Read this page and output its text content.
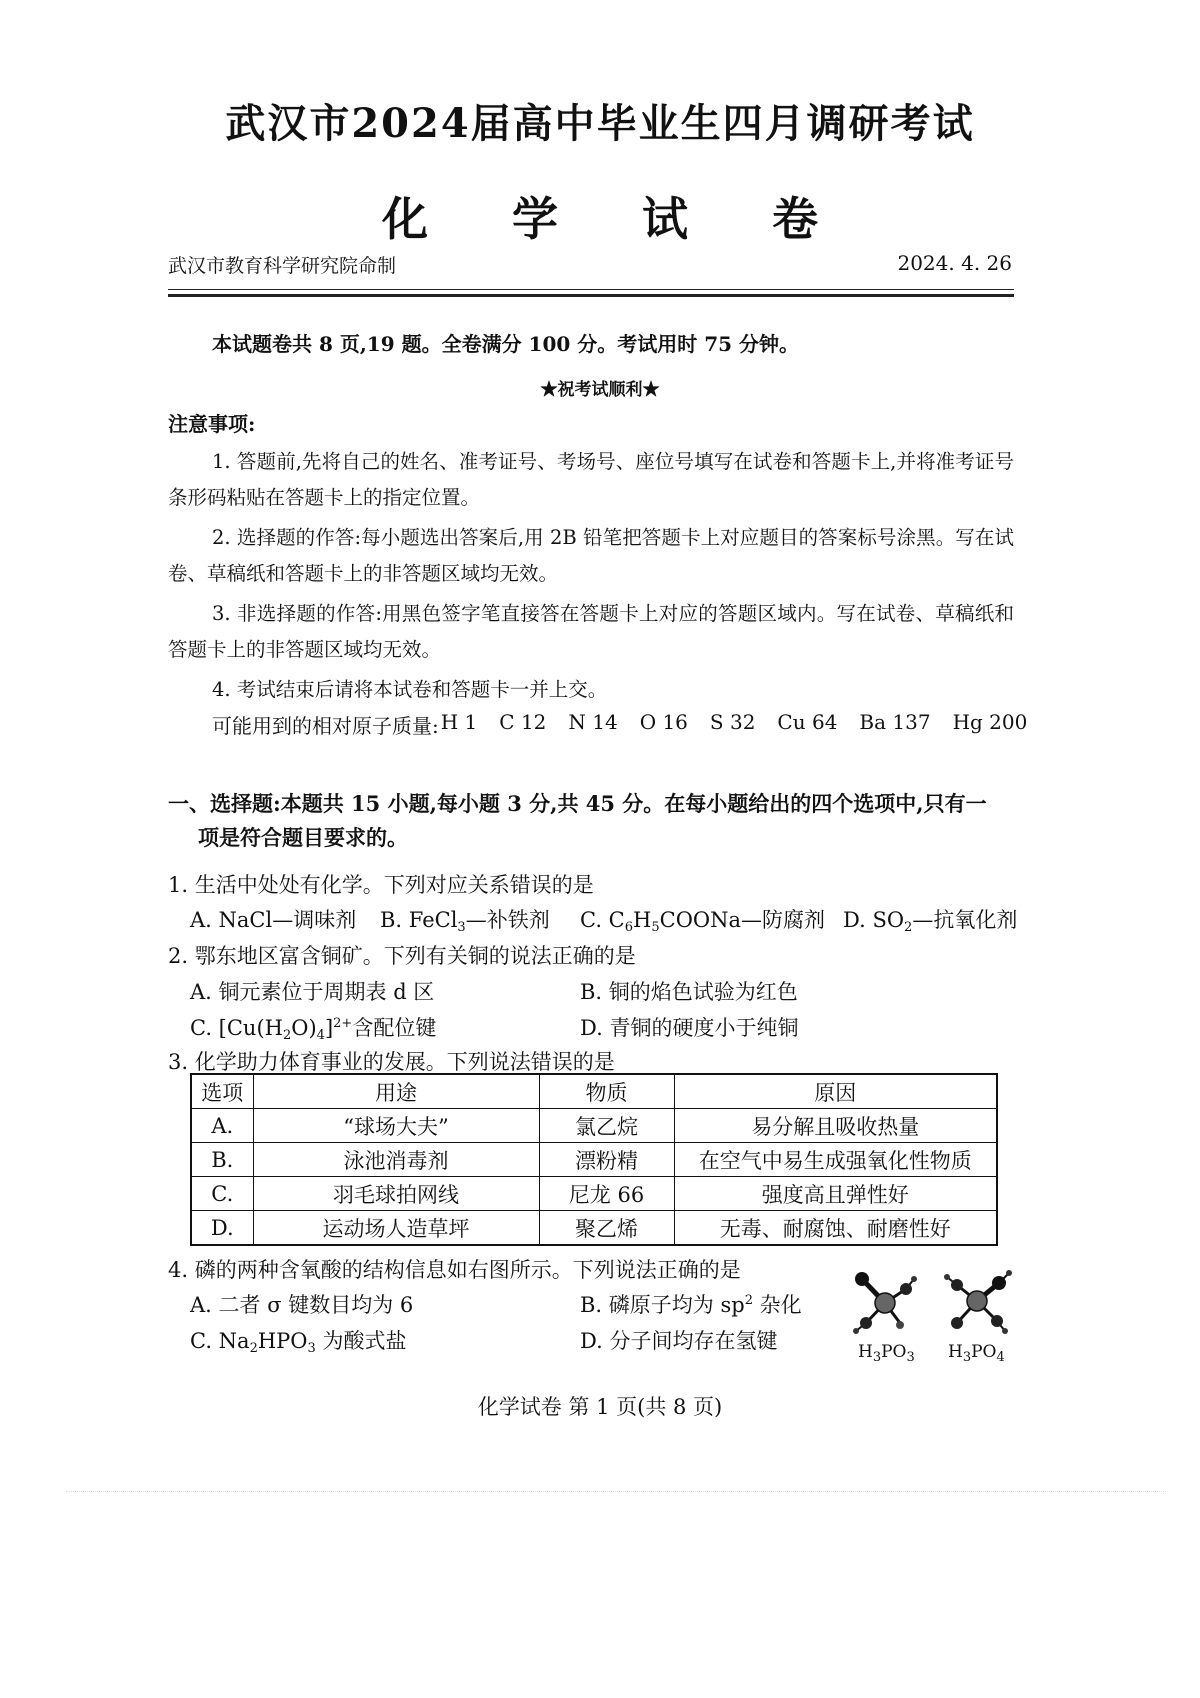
武汉市2024届高中毕业生四月调研考试
化 学 试 卷
武汉市教育科学研究院命制	2024. 4. 26
本试题卷共 8 页,19 题。全卷满分 100 分。考试用时 75 分钟。
★祝考试顺利★
注意事项:
1. 答题前,先将自己的姓名、准考证号、考场号、座位号填写在试卷和答题卡上,并将准考证号条形码粘贴在答题卡上的指定位置。
2. 选择题的作答:每小题选出答案后,用 2B 铅笔把答题卡上对应题目的答案标号涂黑。写在试卷、草稿纸和答题卡上的非答题区域均无效。
3. 非选择题的作答:用黑色签字笔直接答在答题卡上对应的答题区域内。写在试卷、草稿纸和答题卡上的非答题区域均无效。
4. 考试结束后请将本试卷和答题卡一并上交。
可能用到的相对原子质量: H 1 C 12 N 14 O 16 S 32 Cu 64 Ba 137 Hg 200
一、选择题:本题共 15 小题,每小题 3 分,共 45 分。在每小题给出的四个选项中,只有一
项是符合题目要求的。
1. 生活中处处有化学。下列对应关系错误的是
A. NaCl—调味剂 B. FeCl$_3$—补铁剂 C. $C_6H_5COONa—$防腐剂 D. $SO_2—$抗氧化剂
2. 鄂东地区富含铜矿。下列有关铜的说法正确的是
A. 铜元素位于周期表 d 区	B. 铜的焰色试验为红色
C. $[Cu(H_2O)_4]^{2+}$含配位键	D. 青铜的硬度小于纯铜
3. 化学助力体育事业的发展。下列说法错误的是
选项	用途	物质	原因
A.	“球场大夫”	氯乙烷	易分解且吸收热量
B.	泳池消毒剂	漂粉精	在空气中易生成强氧化性物质
C.	羽毛球拍网线	尼龙 66	强度高且弹性好
D.	运动场人造草坪	聚乙烯	无毒、耐腐蚀、耐磨性好
4. 磷的两种含氧酸的结构信息如右图所示。下列说法正确的是
A. 二者 σ 键数目均为 6	B. 磷原子均为 $sp^2$ 杂化
C. $Na_2HPO_3$ 为酸式盐	D. 分子间均存在氢键	$H_3PO_3$ $H_3PO_4$
化学试卷 第 1 页(共 8 页)
